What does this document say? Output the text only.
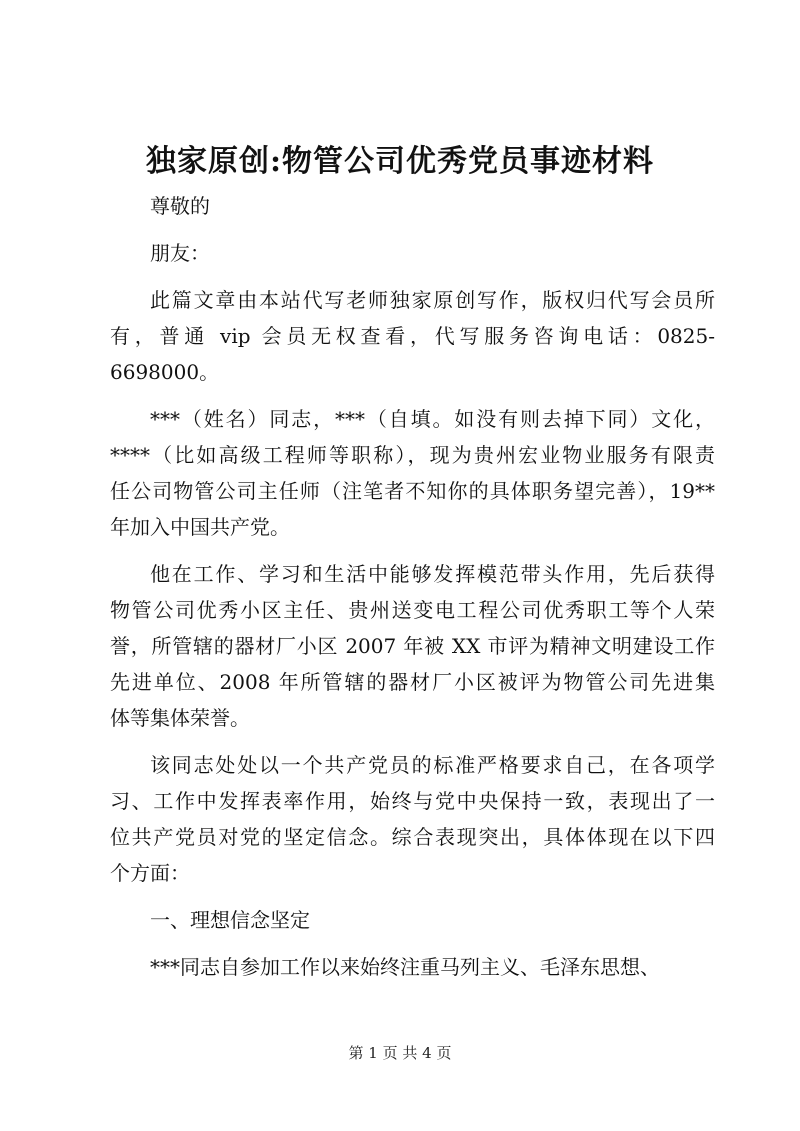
独家原创:物管公司优秀党员事迹材料
尊敬的
朋友：
此篇文章由本站代写老师独家原创写作，版权归代写会员所
有，普通 vip 会员无权查看，代写服务咨询电话：0825-
6698000。
***（姓名）同志，***（自填。如没有则去掉下同）文化，
****（比如高级工程师等职称），现为贵州宏业物业服务有限责
任公司物管公司主任师（注笔者不知你的具体职务望完善），19**
年加入中国共产党。
他在工作、学习和生活中能够发挥模范带头作用，先后获得
物管公司优秀小区主任、贵州送变电工程公司优秀职工等个人荣
誉，所管辖的器材厂小区 2007 年被 XX 市评为精神文明建设工作
先进单位、2008 年所管辖的器材厂小区被评为物管公司先进集
体等集体荣誉。
该同志处处以一个共产党员的标准严格要求自己，在各项学
习、工作中发挥表率作用，始终与党中央保持一致，表现出了一
位共产党员对党的坚定信念。综合表现突出，具体体现在以下四
个方面：
一、理想信念坚定
***同志自参加工作以来始终注重马列主义、毛泽东思想、
第 1 页 共 4 页
